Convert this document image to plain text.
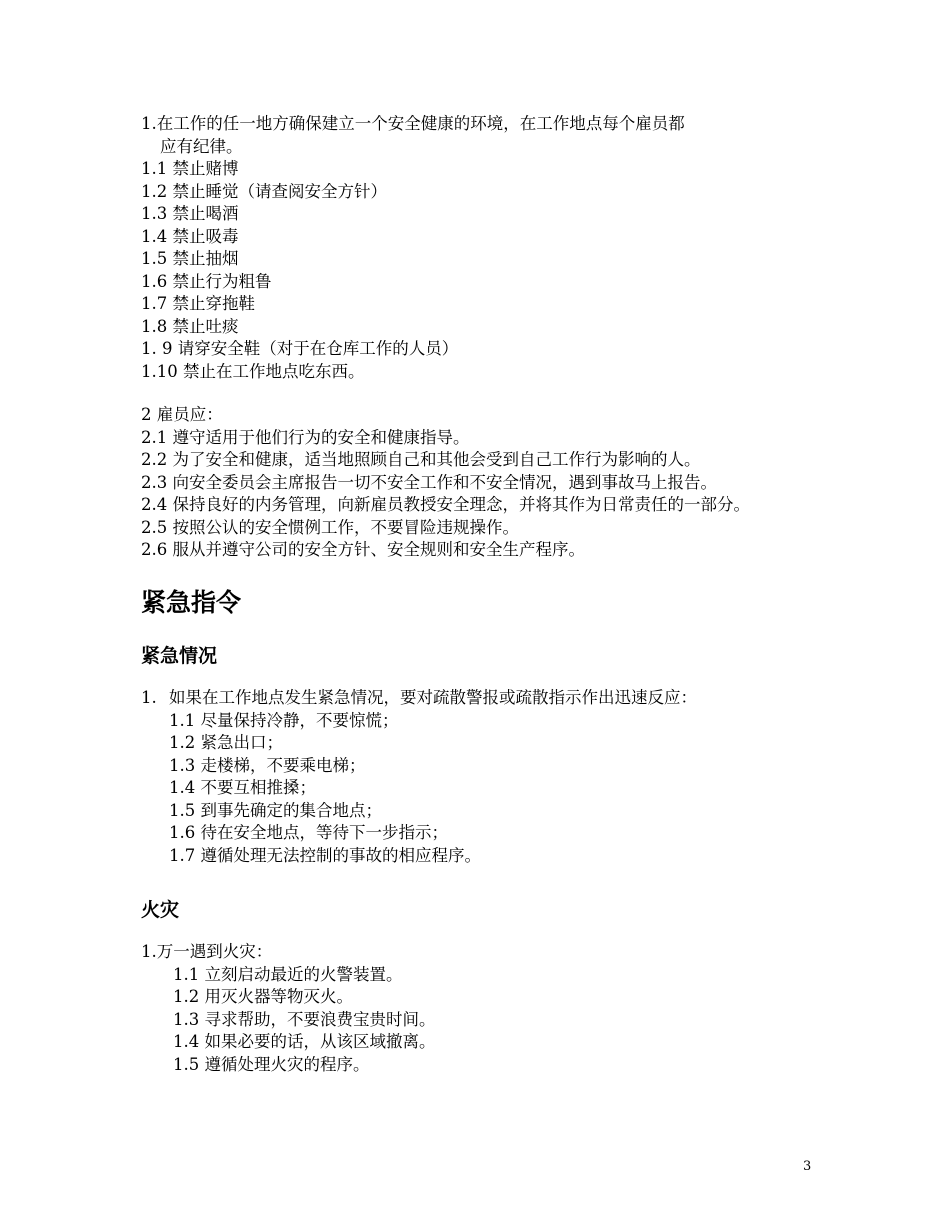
1.在工作的任一地方确保建立一个安全健康的环境，在工作地点每个雇员都
应有纪律。
1.1 禁止赌博
1.2 禁止睡觉（请查阅安全方针）
1.3 禁止喝酒
1.4 禁止吸毒
1.5 禁止抽烟
1.6 禁止行为粗鲁
1.7 禁止穿拖鞋
1.8 禁止吐痰
1. 9 请穿安全鞋（对于在仓库工作的人员）
1.10 禁止在工作地点吃东西。
2 雇员应：
2.1 遵守适用于他们行为的安全和健康指导。
2.2 为了安全和健康，适当地照顾自己和其他会受到自己工作行为影响的人。
2.3 向安全委员会主席报告一切不安全工作和不安全情况，遇到事故马上报告。
2.4 保持良好的内务管理，向新雇员教授安全理念，并将其作为日常责任的一部分。
2.5 按照公认的安全惯例工作，不要冒险违规操作。
2.6 服从并遵守公司的安全方针、安全规则和安全生产程序。
紧急指令
紧急情况
1. 如果在工作地点发生紧急情况，要对疏散警报或疏散指示作出迅速反应：
1.1 尽量保持冷静，不要惊慌；
1.2 紧急出口；
1.3 走楼梯，不要乘电梯；
1.4 不要互相推搡；
1.5 到事先确定的集合地点；
1.6 待在安全地点，等待下一步指示；
1.7 遵循处理无法控制的事故的相应程序。
火灾
1.万一遇到火灾：
1.1 立刻启动最近的火警装置。
1.2 用灭火器等物灭火。
1.3 寻求帮助，不要浪费宝贵时间。
1.4 如果必要的话，从该区域撤离。
1.5 遵循处理火灾的程序。
3
